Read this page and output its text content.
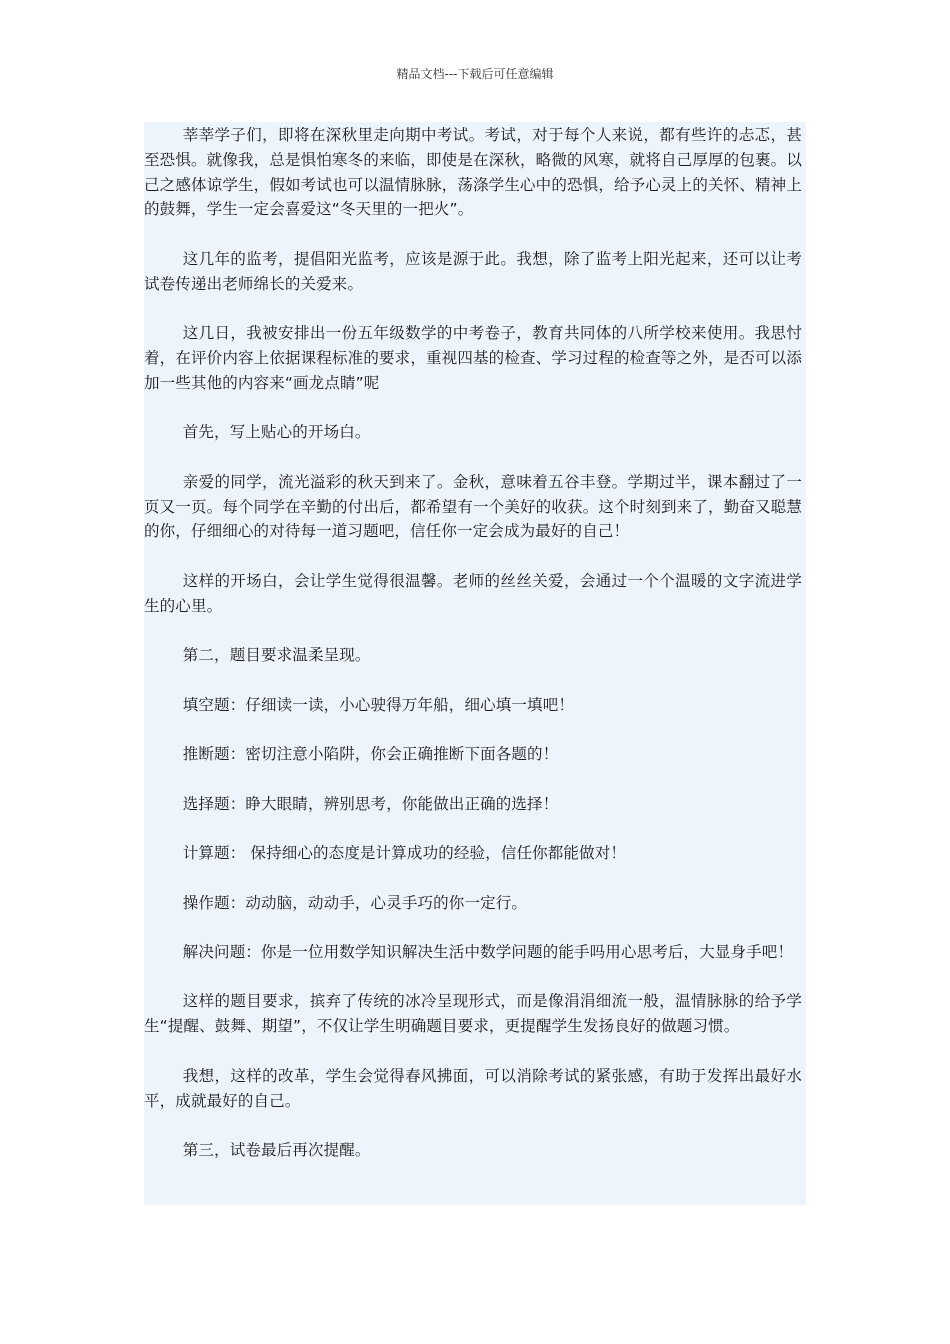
精品文档---下载后可任意编辑

莘莘学子们，即将在深秋里走向期中考试。考试，对于每个人来说，都有些许的忐忑，甚至恐惧。就像我，总是惧怕寒冬的来临，即使是在深秋，略微的风寒，就将自己厚厚的包裹。以己之感体谅学生，假如考试也可以温情脉脉，荡涤学生心中的恐惧，给予心灵上的关怀、精神上的鼓舞，学生一定会喜爱这“冬天里的一把火”。

这几年的监考，提倡阳光监考，应该是源于此。我想，除了监考上阳光起来，还可以让考试卷传递出老师绵长的关爱来。

这几日，我被安排出一份五年级数学的中考卷子，教育共同体的八所学校来使用。我思忖着，在评价内容上依据课程标准的要求，重视四基的检查、学习过程的检查等之外，是否可以添加一些其他的内容来“画龙点睛”呢

首先，写上贴心的开场白。

亲爱的同学，流光溢彩的秋天到来了。金秋，意味着五谷丰登。学期过半，课本翻过了一页又一页。每个同学在辛勤的付出后，都希望有一个美好的收获。这个时刻到来了，勤奋又聪慧的你，仔细细心的对待每一道习题吧，信任你一定会成为最好的自己！

这样的开场白，会让学生觉得很温馨。老师的丝丝关爱，会通过一个个温暖的文字流进学生的心里。

第二，题目要求温柔呈现。

填空题：仔细读一读，小心驶得万年船，细心填一填吧！

推断题：密切注意小陷阱，你会正确推断下面各题的！

选择题：睁大眼睛，辨别思考，你能做出正确的选择！

计算题： 保持细心的态度是计算成功的经验，信任你都能做对！

操作题：动动脑，动动手，心灵手巧的你一定行。

解决问题：你是一位用数学知识解决生活中数学问题的能手吗用心思考后，大显身手吧！

这样的题目要求，摈弃了传统的冰冷呈现形式，而是像涓涓细流一般，温情脉脉的给予学生“提醒、鼓舞、期望”，不仅让学生明确题目要求，更提醒学生发扬良好的做题习惯。

我想，这样的改革，学生会觉得春风拂面，可以消除考试的紧张感，有助于发挥出最好水平，成就最好的自己。

第三，试卷最后再次提醒。
